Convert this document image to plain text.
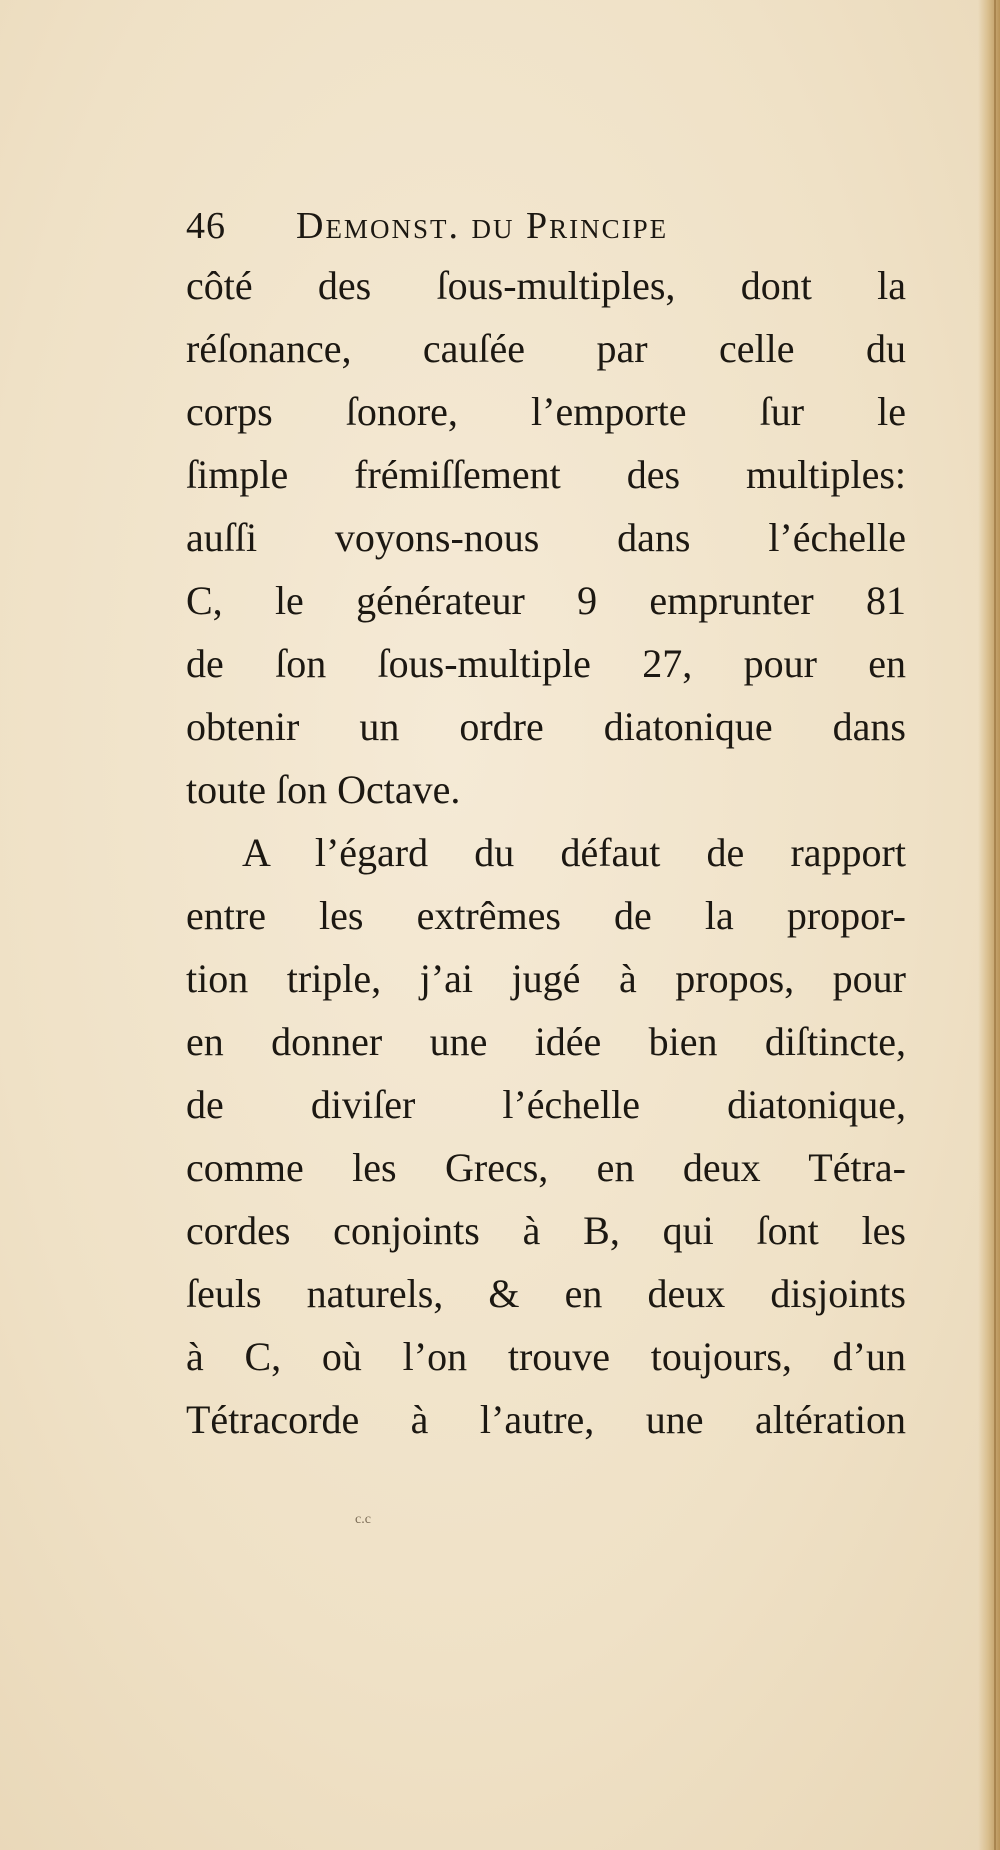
46 Demonst. du Principe
côté des ſous-multiples, dont la
réſonance, cauſée par celle du
corps ſonore, l’emporte ſur le
ſimple frémiſſement des multiples:
auſſi voyons-nous dans l’échelle
C, le générateur 9 emprunter 81
de ſon ſous-multiple 27, pour en
obtenir un ordre diatonique dans
toute ſon Octave.
A l’égard du défaut de rapport
entre les extrêmes de la propor-
tion triple, j’ai jugé à propos, pour
en donner une idée bien diſtincte,
de diviſer l’échelle diatonique,
comme les Grecs, en deux Tétra-
cordes conjoints à B, qui ſont les
ſeuls naturels, & en deux disjoints
à C, où l’on trouve toujours, d’un
Tétracorde à l’autre, une altération
c.c
